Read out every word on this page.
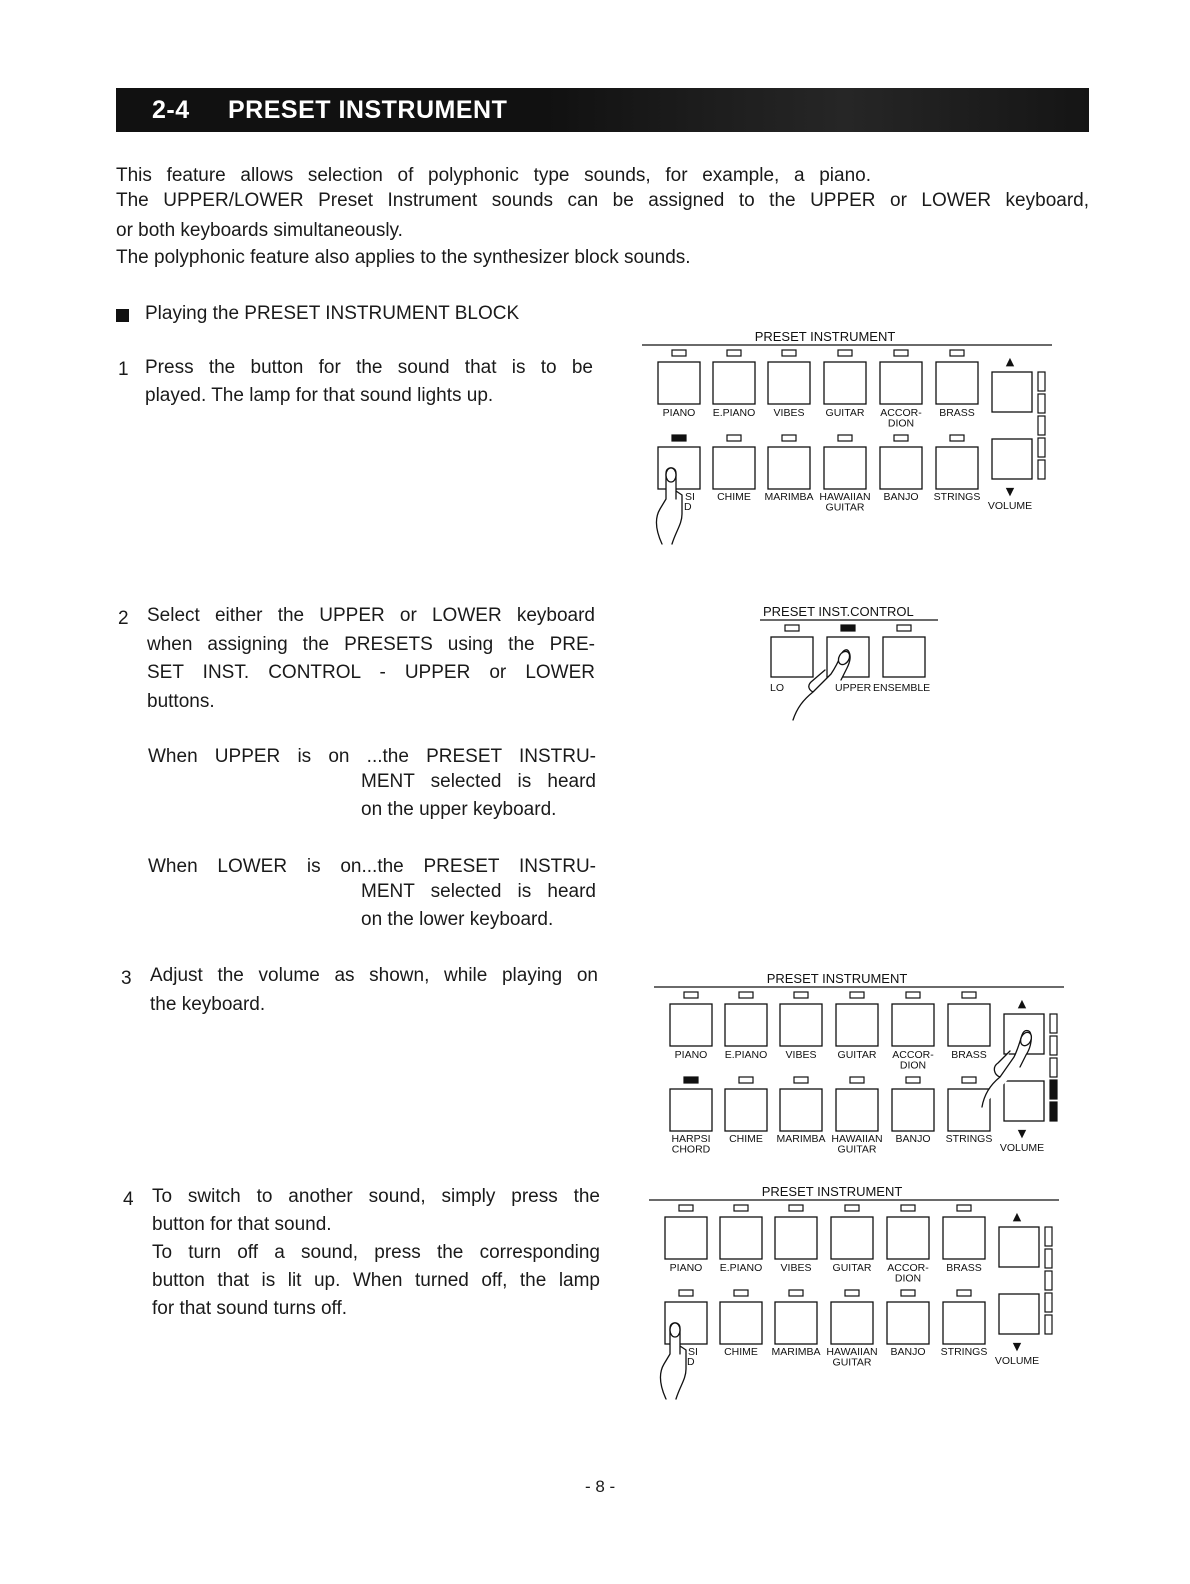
2-4 PRESET INSTRUMENT
This feature allows selection of polyphonic type sounds, for example, a piano.
The UPPER/LOWER Preset Instrument sounds can be assigned to the UPPER or LOWER keyboard,
or both keyboards simultaneously.
The polyphonic feature also applies to the synthesizer block sounds.
Playing the PRESET INSTRUMENT BLOCK
1 Press the button for the sound that is to be
played. The lamp for that sound lights up.
2 Select either the UPPER or LOWER keyboard
when assigning the PRESETS using the PRE-
SET INST. CONTROL - UPPER or LOWER
buttons.
When UPPER is on ...the PRESET INSTRU-
MENT selected is heard
on the upper keyboard.
When LOWER is on...the PRESET INSTRU-
MENT selected is heard
on the lower keyboard.
3 Adjust the volume as shown, while playing on
the keyboard.
4 To switch to another sound, simply press the
button for that sound.
To turn off a sound, press the corresponding
button that is lit up. When turned off, the lamp
for that sound turns off.
PRESET INSTRUMENT
PIANO E.PIANO VIBES GUITAR ACCOR-
DION
BRASS
CHIME MARIMBA HAWAIIAN
GUITAR
BANJO STRINGS
▲
▼
VOLUME
SI
D
PRESET INST.CONTROL
LO	UPPER ENSEMBLE
PRESET INSTRUMENT
PIANO E.PIANO VIBES GUITAR ACCOR-
DION
BRASS
HARPSI
CHORD
CHIME MARIMBA HAWAIIAN
GUITAR
BANJO STRINGS
▲
▼
VOLUME
PRESET INSTRUMENT
PIANO E.PIANO VIBES GUITAR ACCOR-
DION
BRASS
CHIME MARIMBA HAWAIIAN
GUITAR
BANJO STRINGS
▲
▼
VOLUME
SI
D
- 8 -
